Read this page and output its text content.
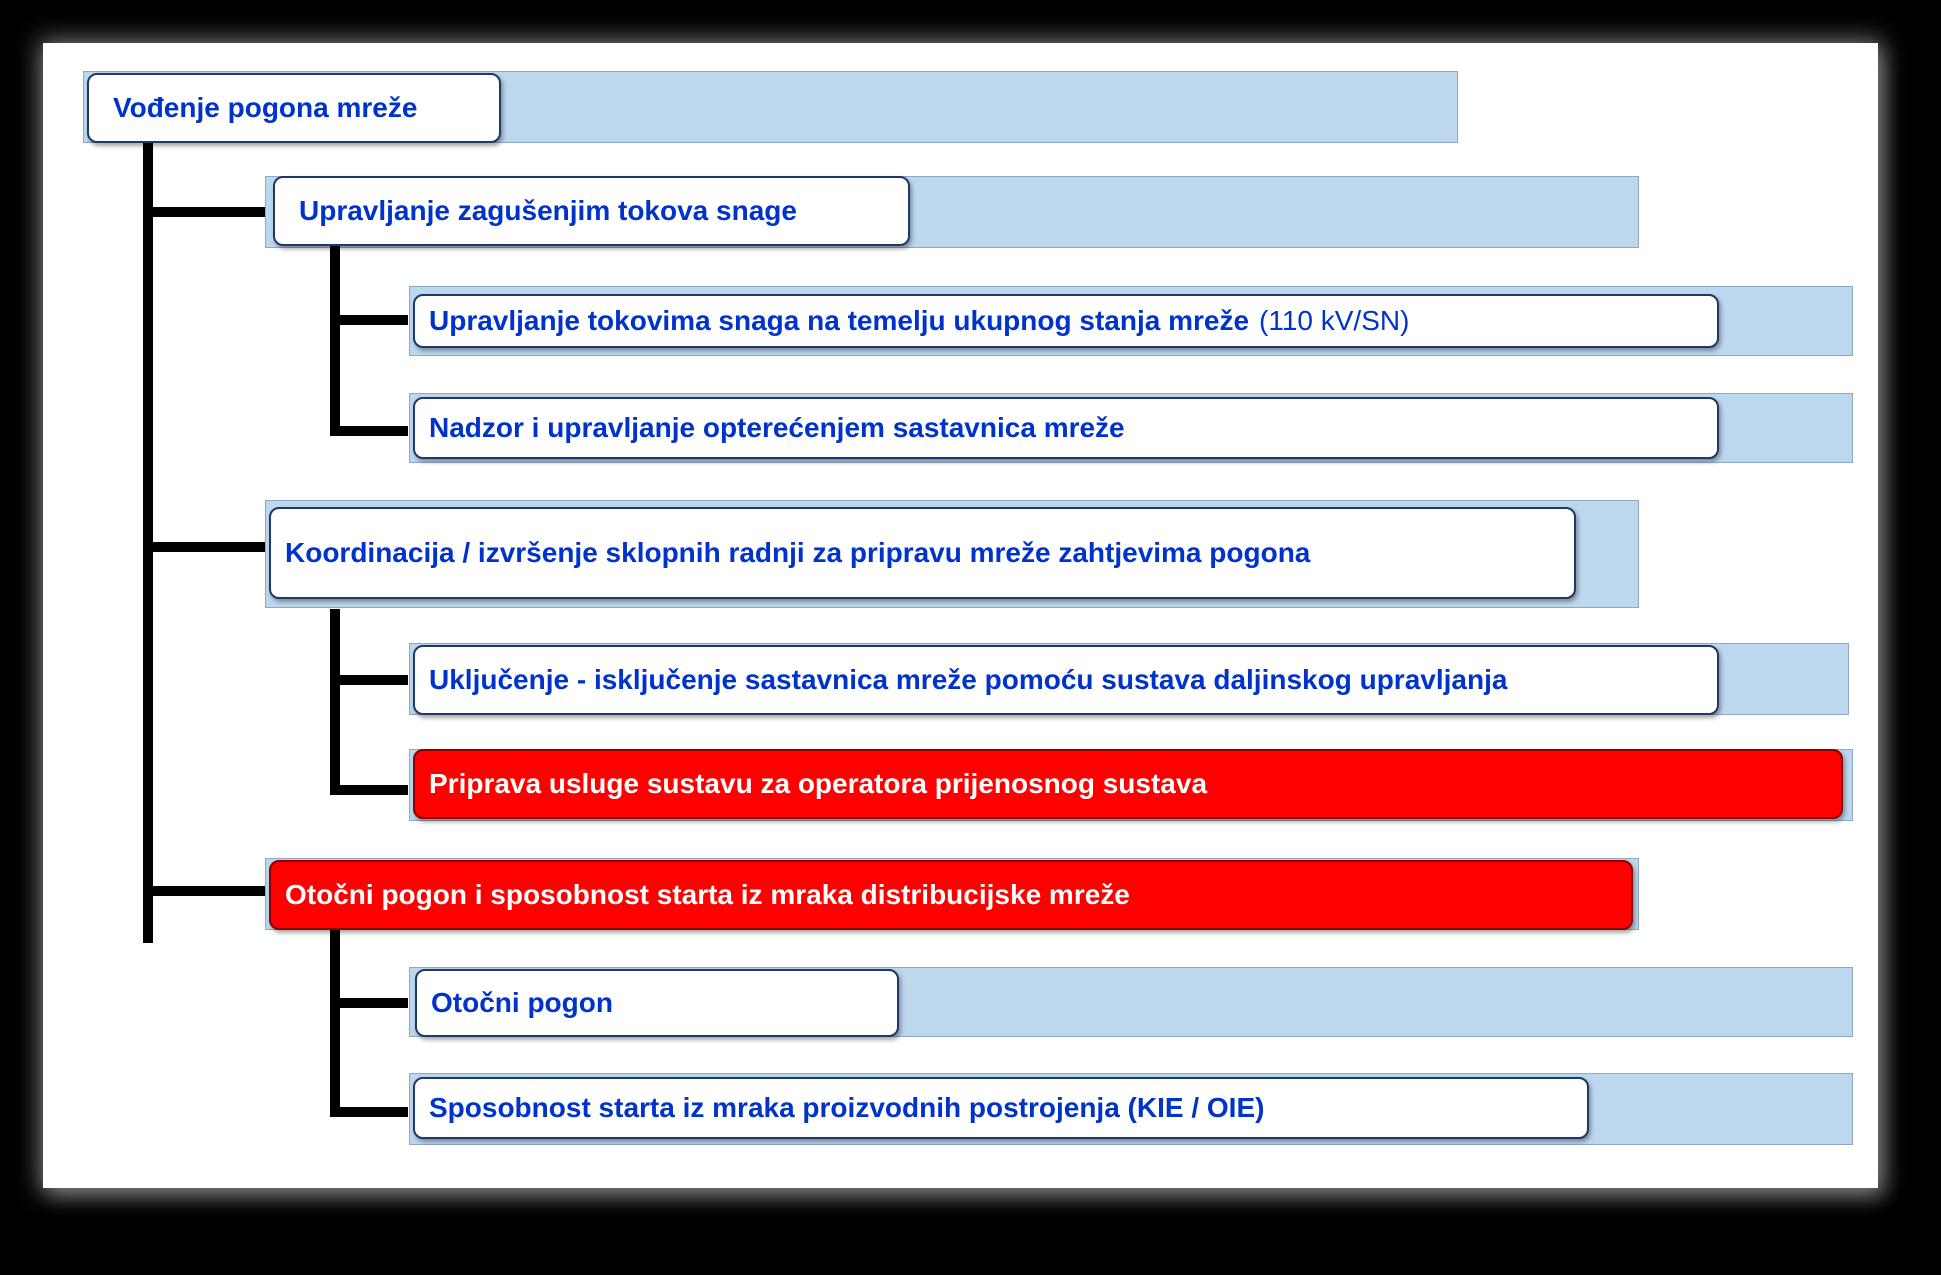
Vođenje pogona mreže
Upravljanje zagušenjim tokova snage
Upravljanje tokovima snaga na temelju ukupnog stanja mreže (110 kV/SN)
Nadzor i upravljanje opterećenjem sastavnica mreže
Koordinacija / izvršenje sklopnih radnji za pripravu mreže zahtjevima pogona
Uključenje - isključenje sastavnica mreže pomoću sustava daljinskog upravljanja
Priprava usluge sustavu za operatora prijenosnog sustava
Otočni pogon i sposobnost starta iz mraka distribucijske mreže
Otočni pogon
Sposobnost starta iz mraka proizvodnih postrojenja (KIE / OIE)
